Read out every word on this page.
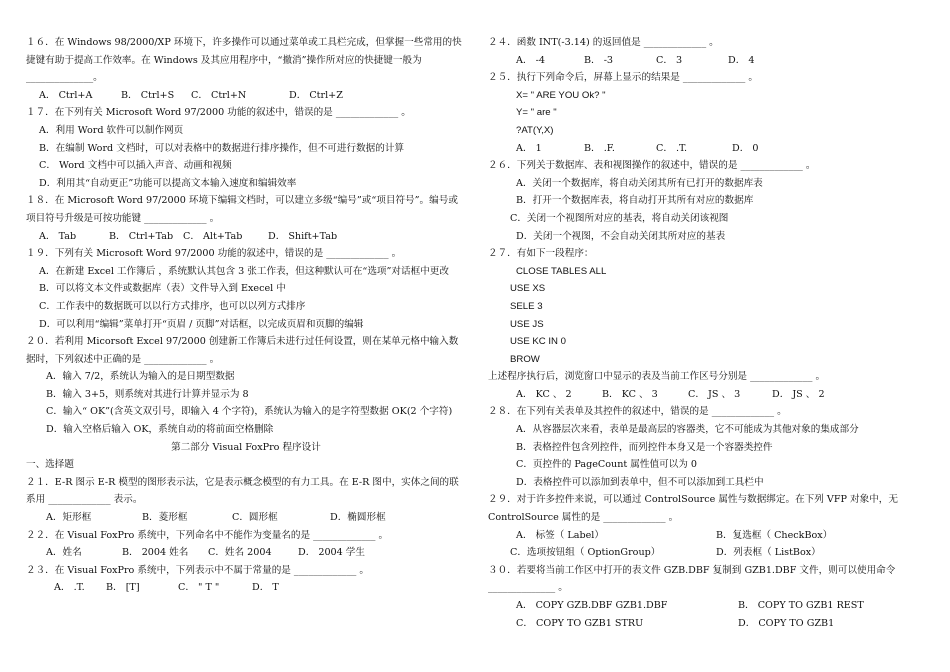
１６．在 Windows 98/2000/XP 环境下，许多操作可以通过菜单或工具栏完成，但掌握一些常用的快捷键有助于提高工作效率。在 Windows 及其应用程序中，“撤消”操作所对应的快捷键一般为 ______________。
A． Ctrl+A	B． Ctrl+S	C． Ctrl+N	D． Ctrl+Z
１７．在下列有关 Microsoft Word 97/2000 功能的叙述中，错误的是 _____________ 。
A．利用 Word 软件可以制作网页
B．在编制 Word 文档时，可以对表格中的数据进行排序操作，但不可进行数据的计算
C． Word 文档中可以插入声音、动画和视频
D．利用其“自动更正”功能可以提高文本输入速度和编辑效率
１８．在 Microsoft Word 97/2000 环境下编辑文档时，可以建立多级“编号”或“项目符号”。编号或项目符号升级是可按功能键 _____________ 。
A． Tab	B． Ctrl+Tab	C． Alt+Tab	D． Shift+Tab
１９．下列有关 Microsoft Word 97/2000 功能的叙述中，错误的是 _____________ 。
A．在新建 Excel 工作簿后 ，系统默认其包含 3 张工作表，但这种默认可在“选项”对话框中更改
B．可以将文本文件或数据库（表）文件导入到 Execel 中
C．工作表中的数据既可以以行方式排序，也可以以列方式排序
D．可以利用“编辑”菜单打开“页眉 / 页脚”对话框，以完成页眉和页脚的编辑
２０．若利用 Micorsoft Excel 97/2000 创建新工作簿后未进行过任何设置，则在某单元格中输入数据时，下列叙述中正确的是 _____________ 。
A．输入 7/2，系统认为输入的是日期型数据
B．输入 3+5，则系统对其进行计算并显示为 8
C．输入“ OK”(含英文双引号，即输入 4 个字符)，系统认为输入的是字符型数据 OK(2 个字符)
D．输入空格后输入 OK，系统自动的将前面空格删除
第二部分 Visual FoxPro 程序设计
一、选择题
２１．E-R 图示 E-R 模型的图形表示法，它是表示概念模型的有力工具。在 E-R 图中，实体之间的联系用 _____________ 表示。
A．矩形框	B．菱形框	C．圆形框	D．椭圆形框
２２．在 Visual FoxPro 系统中，下列命名中不能作为变量名的是 _____________ 。
A．姓名	B． 2004 姓名	C．姓名 2004	D． 2004 学生
２３．在 Visual FoxPro 系统中，下列表示中不属于常量的是 _____________ 。
A． .T.	B． [T]	C． " T "	D． T
２４．函数 INT(-3.14) 的返回值是 _____________ 。
A． -4	B． -3	C． 3	D． 4
２５．执行下列命令后，屏幕上显示的结果是 _____________ 。
X= " ARE YOU Ok? "
Y= " are "
?AT(Y,X)
A． 1	B． .F.	C． .T.	D． 0
２６．下列关于数据库、表和视图操作的叙述中，错误的是 _____________ 。
A．关闭一个数据库，将自动关闭其所有已打开的数据库表
B．打开一个数据库表，将自动打开其所有对应的数据库
C．关闭一个视图所对应的基表，将自动关闭该视图
D．关闭一个视图，不会自动关闭其所对应的基表
２７．有如下一段程序：
CLOSE TABLES ALL
USE XS
SELE 3
USE JS
USE KC IN 0
BROW
上述程序执行后，浏览窗口中显示的表及当前工作区号分别是 _____________ 。
A． KC 、 2	B． KC 、 3	C． JS 、 3	D． JS 、 2
２８．在下列有关表单及其控件的叙述中，错误的是 _____________ 。
A．从容器层次来看，表单是最高层的容器类，它不可能成为其他对象的集成部分
B．表格控件包含列控件，而列控件本身又是一个容器类控件
C．页控件的 PageCount 属性值可以为 0
D．表格控件可以添加到表单中，但不可以添加到工具栏中
２９．对于许多控件来说，可以通过 ControlSource 属性与数据绑定。在下列 VFP 对象中，无 ControlSource 属性的是 _____________ 。
A． 标签（ Label）	B．复选框（ CheckBox）
C．选项按钮组（ OptionGroup）	D．列表框（ ListBox）
３０．若要将当前工作区中打开的表文件 GZB.DBF 复制到 GZB1.DBF 文件，则可以使用命令 ______________ 。
A． COPY GZB.DBF GZB1.DBF	B． COPY TO GZB1 REST
C． COPY TO GZB1 STRU	D． COPY TO GZB1
